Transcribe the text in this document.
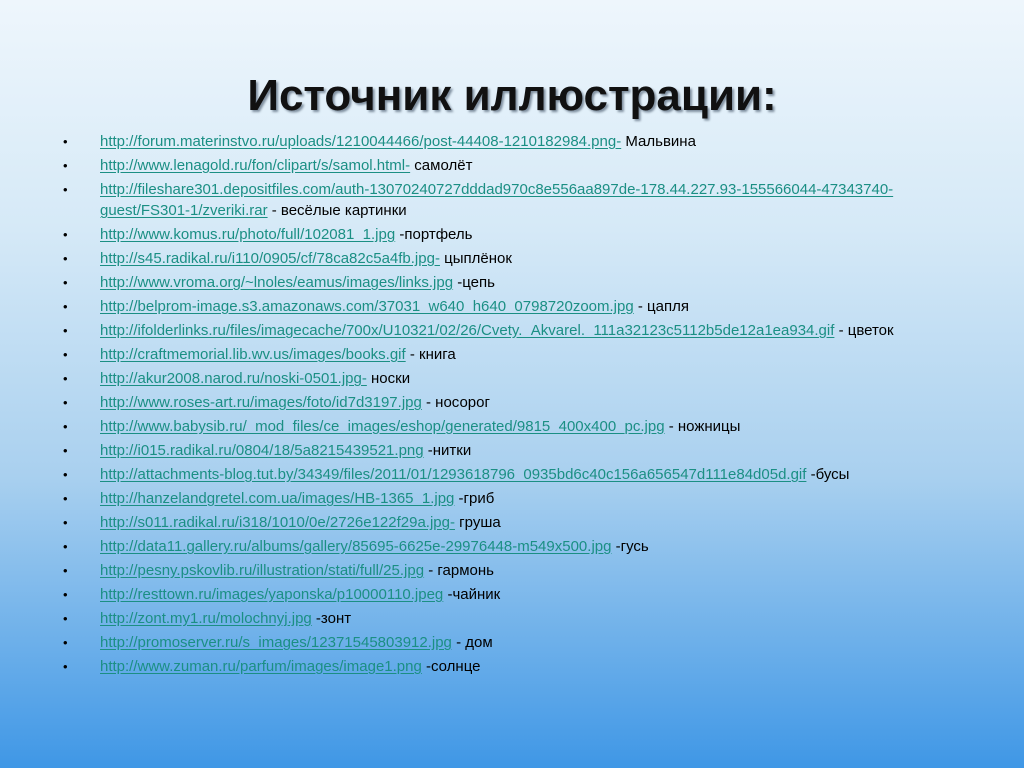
Источник иллюстрации:
• http://forum.materinstvo.ru/uploads/1210044466/post-44408-1210182984.png- Мальвина
• http://www.lenagold.ru/fon/clipart/s/samol.html- самолёт
• http://fileshare301.depositfiles.com/auth-13070240727dddad970c8e556aa897de-178.44.227.93-155566044-47343740-guest/FS301-1/zveriki.rar - весёлые картинки
• http://www.komus.ru/photo/full/102081_1.jpg -портфель
• http://s45.radikal.ru/i110/0905/cf/78ca82c5a4fb.jpg- цыплёнок
• http://www.vroma.org/~lnoles/eamus/images/links.jpg -цепь
• http://belprom-image.s3.amazonaws.com/37031_w640_h640_0798720zoom.jpg - цапля
• http://ifolderlinks.ru/files/imagecache/700x/U10321/02/26/Cvety._Akvarel._111a32123c5112b5de12a1ea934.gif - цветок
• http://craftmemorial.lib.wv.us/images/books.gif - книга
• http://akur2008.narod.ru/noski-0501.jpg- носки
• http://www.roses-art.ru/images/foto/id7d3197.jpg - носорог
• http://www.babysib.ru/_mod_files/ce_images/eshop/generated/9815_400x400_pc.jpg - ножницы
• http://i015.radikal.ru/0804/18/5a8215439521.png -нитки
• http://attachments-blog.tut.by/34349/files/2011/01/1293618796_0935bd6c40c156a656547d111e84d05d.gif -бусы
• http://hanzelandgretel.com.ua/images/HB-1365_1.jpg -гриб
• http://s011.radikal.ru/i318/1010/0e/2726e122f29a.jpg- груша
• http://data11.gallery.ru/albums/gallery/85695-6625e-29976448-m549x500.jpg -гусь
• http://pesny.pskovlib.ru/illustration/stati/full/25.jpg - гармонь
• http://resttown.ru/images/yaponska/p10000110.jpeg -чайник
• http://zont.my1.ru/molochnyj.jpg -зонт
• http://promoserver.ru/s_images/12371545803912.jpg - дом
• http://www.zuman.ru/parfum/images/image1.png -солнце
